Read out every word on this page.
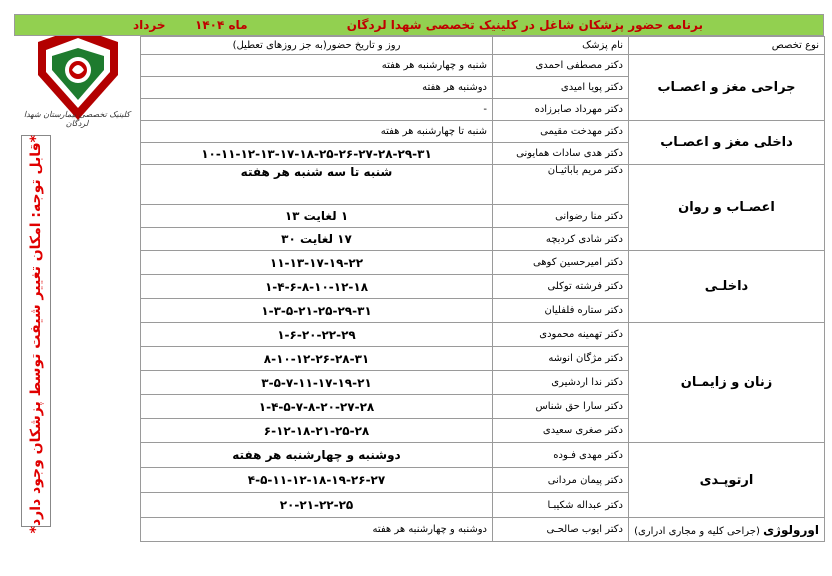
کلینیک تخصصی بیمارستان شهدا لردگان
*قابل توجه: امکان تغییر شیفت توسط پزشکان وجود دارد*
برنامه حضور پزشکان شاغل در کلینیک تخصصی شهدا لردگان
خرداد ماه ۱۴۰۴
نوع تخصص	نام پزشک	روز و تاریخ حضور(به جز روزهای تعطیل)
جراحی مغز و اعصـاب	دکتر مصطفی احمدی	شنبه و چهارشنبه هر هفته
	دکتر پویا امیدی	دوشنبه هر هفته
	دکتر مهرداد صابرزاده	-
داخلی مغز و اعصـاب	دکتر مهدخت مقیمی	شنبه تا چهارشنبه هر هفته
	دکتر هدی سادات همایونی	۱۰-۱۱-۱۲-۱۳-۱۷-۱۸-۲۵-۲۶-۲۷-۲۸-۲۹-۳۱
اعصـاب و روان	دکتر مریم باباثیـان	شنبه تا سه شنبه هر هفته
	دکتر منا رضوانی	۱ لغایت ۱۳
	دکتر شادی کردبچه	۱۷ لغایت ۳۰
داخلـی	دکتر امیرحسین کوهی	۱۱-۱۳-۱۷-۱۹-۲۲
	دکتر فرشته توکلی	۱-۴-۶-۸-۱۰-۱۲-۱۸
	دکتر ستاره فلفلیان	۱-۳-۵-۲۱-۲۵-۲۹-۳۱
زنان و زایمـان	دکتر تهمینه محمودی	۱-۶-۲۰-۲۲-۲۹
	دکتر مژگان انوشه	۸-۱۰-۱۲-۲۶-۲۸-۳۱
	دکتر ندا اردشیری	۳-۵-۷-۱۱-۱۷-۱۹-۲۱
	دکتر سارا حق شناس	۱-۴-۵-۷-۸-۲۰-۲۷-۲۸
	دکتر صغری سعیدی	۶-۱۲-۱۸-۲۱-۲۵-۲۸
ارتوپـدی	دکتر مهدی فـوده	دوشنبه و چهارشنبه هر هفته
	دکتر پیمان مردانی	۴-۵-۱۱-۱۲-۱۸-۱۹-۲۶-۲۷
	دکتر عبداله شکیبـا	۲۰-۲۱-۲۲-۲۵
اورولوژی (جراحی کلیه و مجاری ادراری)	دکتر ایوب صالحـی	دوشنبه و چهارشنبه هر هفته
